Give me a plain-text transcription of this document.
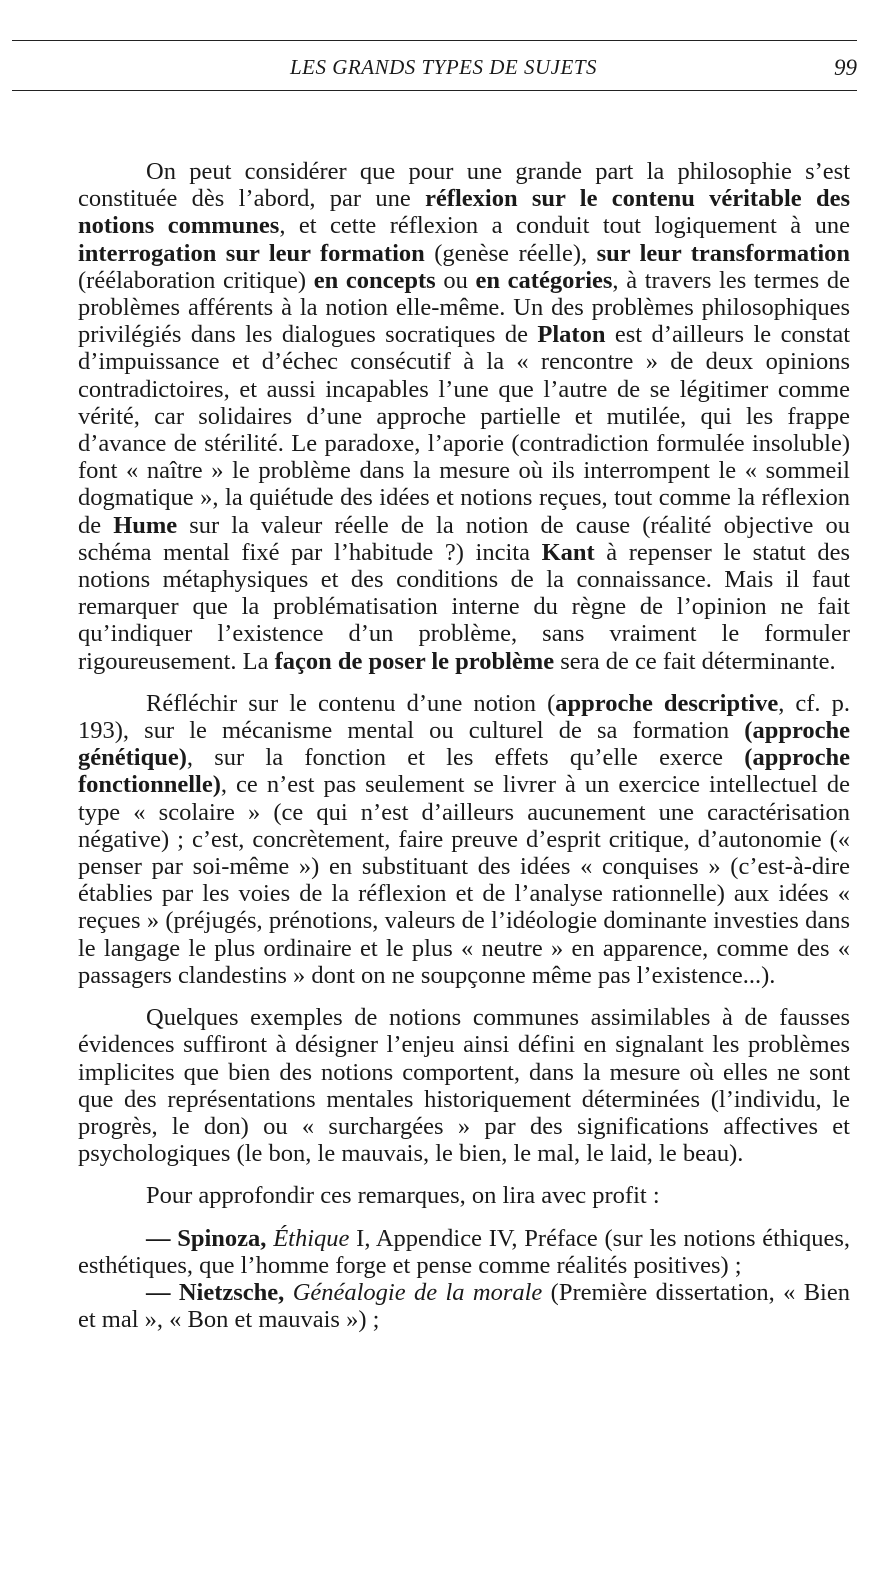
LES GRANDS TYPES DE SUJETS	99

On peut considérer que pour une grande part la philosophie s’est constituée dès l’abord, par une réflexion sur le contenu véritable des notions communes, et cette réflexion a conduit tout logiquement à une interrogation sur leur formation (genèse réelle), sur leur transformation (réélaboration critique) en concepts ou en catégories, à travers les termes de problèmes afférents à la notion elle-même. Un des problèmes philosophiques privilégiés dans les dialogues socratiques de Platon est d’ailleurs le constat d’impuissance et d’échec consécutif à la « rencontre » de deux opinions contradictoires, et aussi incapables l’une que l’autre de se légitimer comme vérité, car solidaires d’une approche partielle et mutilée, qui les frappe d’avance de stérilité. Le paradoxe, l’aporie (contradiction formulée insoluble) font « naître » le problème dans la mesure où ils interrompent le « sommeil dogmatique », la quiétude des idées et notions reçues, tout comme la réflexion de Hume sur la valeur réelle de la notion de cause (réalité objective ou schéma mental fixé par l’habitude ?) incita Kant à repenser le statut des notions métaphysiques et des conditions de la connaissance. Mais il faut remarquer que la problématisation interne du règne de l’opinion ne fait qu’indiquer l’existence d’un problème, sans vraiment le formuler rigoureusement. La façon de poser le problème sera de ce fait déterminante.

Réfléchir sur le contenu d’une notion (approche descriptive, cf. p. 193), sur le mécanisme mental ou culturel de sa formation (approche génétique), sur la fonction et les effets qu’elle exerce (approche fonctionnelle), ce n’est pas seulement se livrer à un exercice intellectuel de type « scolaire » (ce qui n’est d’ailleurs aucunement une caractérisation négative) ; c’est, concrètement, faire preuve d’esprit critique, d’autonomie (« penser par soi-même ») en substituant des idées « conquises » (c’est-à-dire établies par les voies de la réflexion et de l’analyse rationnelle) aux idées « reçues » (préjugés, prénotions, valeurs de l’idéologie dominante investies dans le langage le plus ordinaire et le plus « neutre » en apparence, comme des « passagers clandestins » dont on ne soupçonne même pas l’existence...).

Quelques exemples de notions communes assimilables à de fausses évidences suffiront à désigner l’enjeu ainsi défini en signalant les problèmes implicites que bien des notions comportent, dans la mesure où elles ne sont que des représentations mentales historiquement déterminées (l’individu, le progrès, le don) ou « surchargées » par des significations affectives et psychologiques (le bon, le mauvais, le bien, le mal, le laid, le beau).

Pour approfondir ces remarques, on lira avec profit :

— Spinoza, Éthique I, Appendice IV, Préface (sur les notions éthiques, esthétiques, que l’homme forge et pense comme réalités positives) ;

— Nietzsche, Généalogie de la morale (Première dissertation, « Bien et mal », « Bon et mauvais ») ;
